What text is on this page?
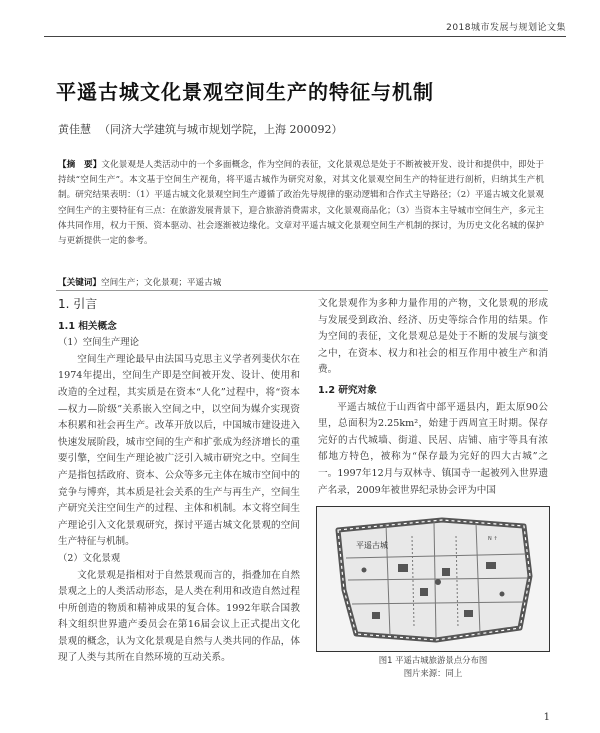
2018城市发展与规划论文集
平遥古城文化景观空间生产的特征与机制
黄佳慧 （同济大学建筑与城市规划学院，上海 200092）
【摘　要】文化景观是人类活动中的一个多面概念，作为空间的表征，文化景观总是处于不断被被开发、设计和提供中，即处于持续“空间生产”。本文基于空间生产视角，将平遥古城作为研究对象，对其文化景观空间生产的特征进行剖析，归纳其生产机制。研究结果表明：（1）平遥古城文化景观空间生产遵循了政治先导规律的驱动逻辑和合作式主导路径；（2）平遥古城文化景观空间生产的主要特征有三点：在旅游发展背景下，迎合旅游消费需求，文化景观商品化；（3）当资本主导城市空间生产，多元主体共同作用，权力干预、资本驱动、社会逐渐被边缘化。文章对平遥古城文化景观空间生产机制的探讨，为历史文化名城的保护与更新提供一定的参考。
【关键词】空间生产；文化景观；平遥古城
1. 引言
1.1 相关概念
（1）空间生产理论

空间生产理论最早由法国马克思主义学者列斐伏尔在1974年提出，空间生产即是空间被开发、设计、使用和改造的全过程，其实质是在资本“人化”过程中，将“资本—权力—阶级”关系嵌入空间之中，以空间为媒介实现资本积累和社会再生产。改革开放以后，中国城市建设进入快速发展阶段，城市空间的生产和扩张成为经济增长的重要引擎，空间生产理论被广泛引入城市研究之中。空间生产是指包括政府、资本、公众等多元主体在城市空间中的竞争与博弈，其本质是社会关系的生产与再生产，空间生产研究关注空间生产的过程、主体和机制。本文将空间生产理论引入文化景观研究，探讨平遥古城文化景观的空间生产特征与机制。

（2）文化景观

文化景观是指相对于自然景观而言的，指叠加在自然景观之上的人类活动形态，是人类在利用和改造自然过程中所创造的物质和精神成果的复合体。1992年联合国教科文组织世界遗产委员会在第16届会议上正式提出文化景观的概念，认为文化景观是自然与人类共同的作品，体现了人类与其所在自然环境的互动关系。

文化景观作为多种力量作用的产物，文化景观的形成与发展受到政治、经济、历史等综合作用的结果。作为空间的表征，文化景观总是处于不断的发展与演变之中，在资本、权力和社会的相互作用中被生产和消费。

1.2 研究对象

平遥古城位于山西省中部平遥县内，距太原90公里，总面积为2.25km²，始建于西周宣王时期。保存完好的古代城墙、街道、民居、店铺、庙宇等具有浓郁地方特色，被称为“保存最为完好的四大古城”之一。1997年12月与双林寺、镇国寺一起被列入世界遗产名录，2009年被世界纪录协会评为中国

平遥古城
N ↑
图1 平遥古城旅游景点分布图
图片来源：同上
1
